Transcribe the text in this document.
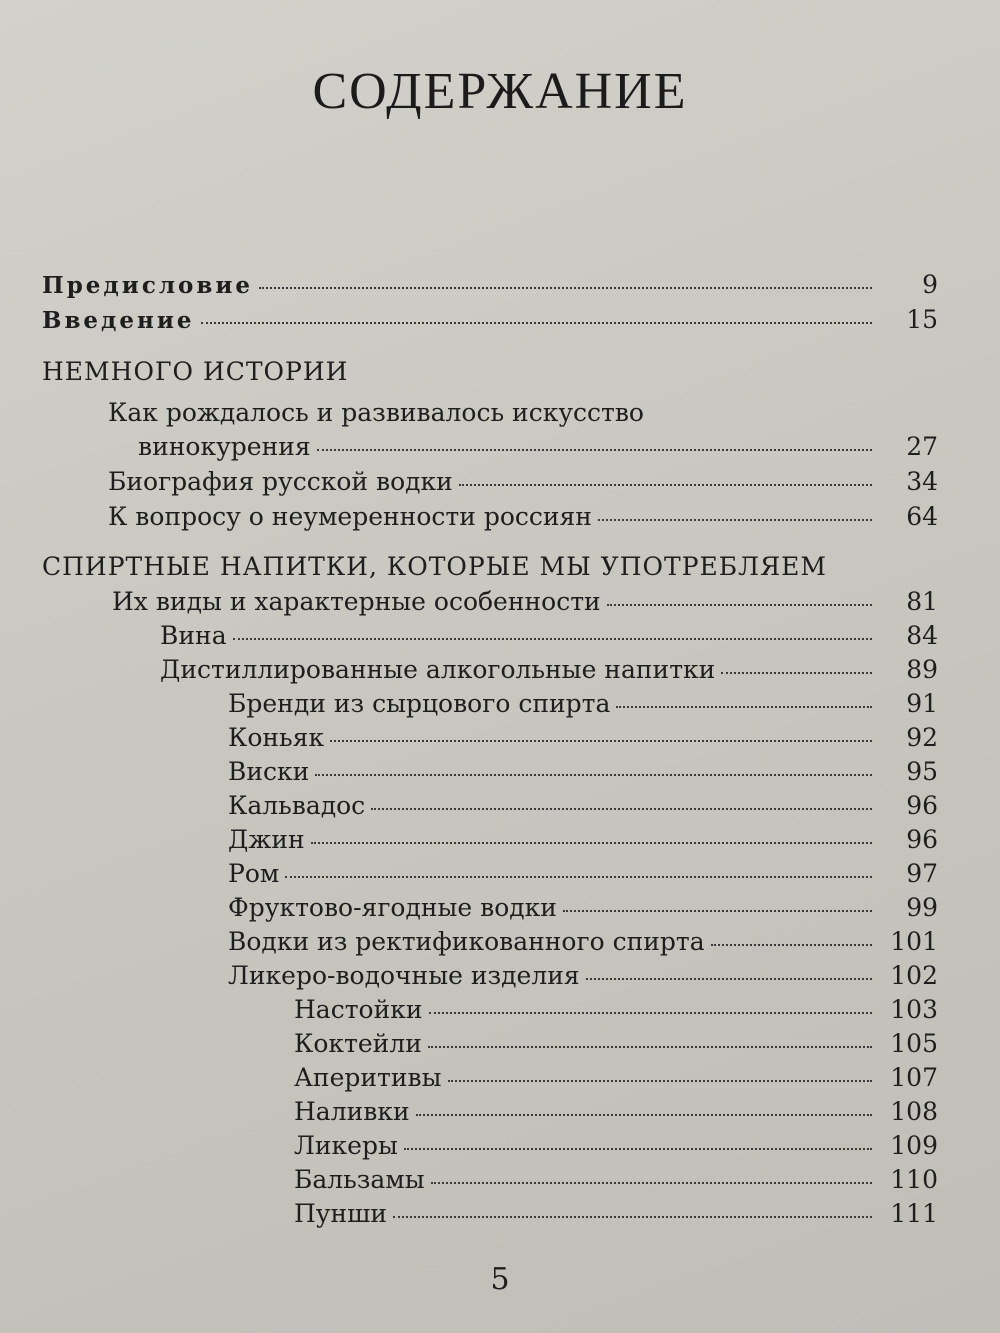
СОДЕРЖАНИЕ
Предисловие	9
Введение	15
НЕМНОГО ИСТОРИИ
Как рождалось и развивалось искусство
винокурения	27
Биография русской водки	34
К вопросу о неумеренности россиян	64
СПИРТНЫЕ НАПИТКИ, КОТОРЫЕ МЫ УПОТРЕБЛЯЕМ
Их виды и характерные особенности	81
Вина	84
Дистиллированные алкогольные напитки	89
Бренди из сырцового спирта	91
Коньяк	92
Виски	95
Кальвадос	96
Джин	96
Ром	97
Фруктово-ягодные водки	99
Водки из ректификованного спирта	101
Ликеро-водочные изделия	102
Настойки	103
Коктейли	105
Аперитивы	107
Наливки	108
Ликеры	109
Бальзамы	110
Пунши	111
5
